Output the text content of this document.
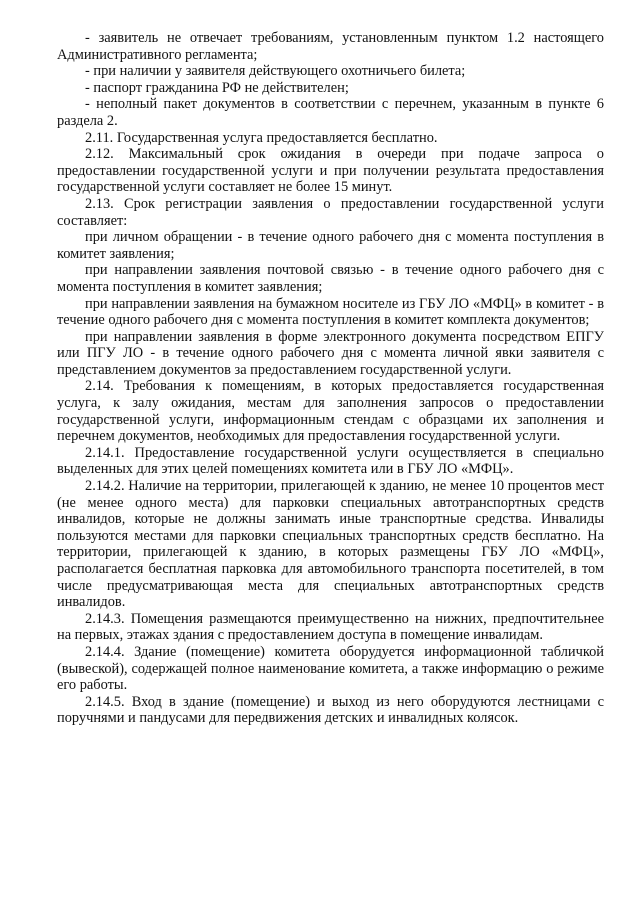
- заявитель не отвечает требованиям, установленным пунктом 1.2 настоящего Административного регламента;

- при наличии у заявителя действующего охотничьего билета;

- паспорт гражданина РФ не действителен;

- неполный пакет документов в соответствии с перечнем, указанным в пункте 6 раздела 2.

2.11. Государственная услуга предоставляется бесплатно.

2.12. Максимальный срок ожидания в очереди при подаче запроса о предоставлении государственной услуги и при получении результата предоставления государственной услуги составляет не более 15 минут.

2.13. Срок регистрации заявления о предоставлении государственной услуги составляет:

при личном обращении - в течение одного рабочего дня с момента поступления в комитет заявления;

при направлении заявления почтовой связью - в течение одного рабочего дня с момента поступления в комитет заявления;

при направлении заявления на бумажном носителе из ГБУ ЛО «МФЦ» в комитет - в течение одного рабочего дня с момента поступления в комитет комплекта документов;

при направлении заявления в форме электронного документа посредством ЕПГУ или ПГУ ЛО - в течение одного рабочего дня с момента личной явки заявителя с представлением документов за предоставлением государственной услуги.

2.14. Требования к помещениям, в которых предоставляется государственная услуга, к залу ожидания, местам для заполнения запросов о предоставлении государственной услуги, информационным стендам с образцами их заполнения и перечнем документов, необходимых для предоставления государственной услуги.

2.14.1. Предоставление государственной услуги осуществляется в специально выделенных для этих целей помещениях комитета или в ГБУ ЛО «МФЦ».

2.14.2. Наличие на территории, прилегающей к зданию, не менее 10 процентов мест (не менее одного места) для парковки специальных автотранспортных средств инвалидов, которые не должны занимать иные транспортные средства. Инвалиды пользуются местами для парковки специальных транспортных средств бесплатно. На территории, прилегающей к зданию, в которых размещены ГБУ ЛО «МФЦ», располагается бесплатная парковка для автомобильного транспорта посетителей, в том числе предусматривающая места для специальных автотранспортных средств инвалидов.

2.14.3. Помещения размещаются преимущественно на нижних, предпочтительнее на первых, этажах здания с предоставлением доступа в помещение инвалидам.

2.14.4. Здание (помещение) комитета оборудуется информационной табличкой (вывеской), содержащей полное наименование комитета, а также информацию о режиме его работы.

2.14.5. Вход в здание (помещение) и выход из него оборудуются лестницами с поручнями и пандусами для передвижения детских и инвалидных колясок.
